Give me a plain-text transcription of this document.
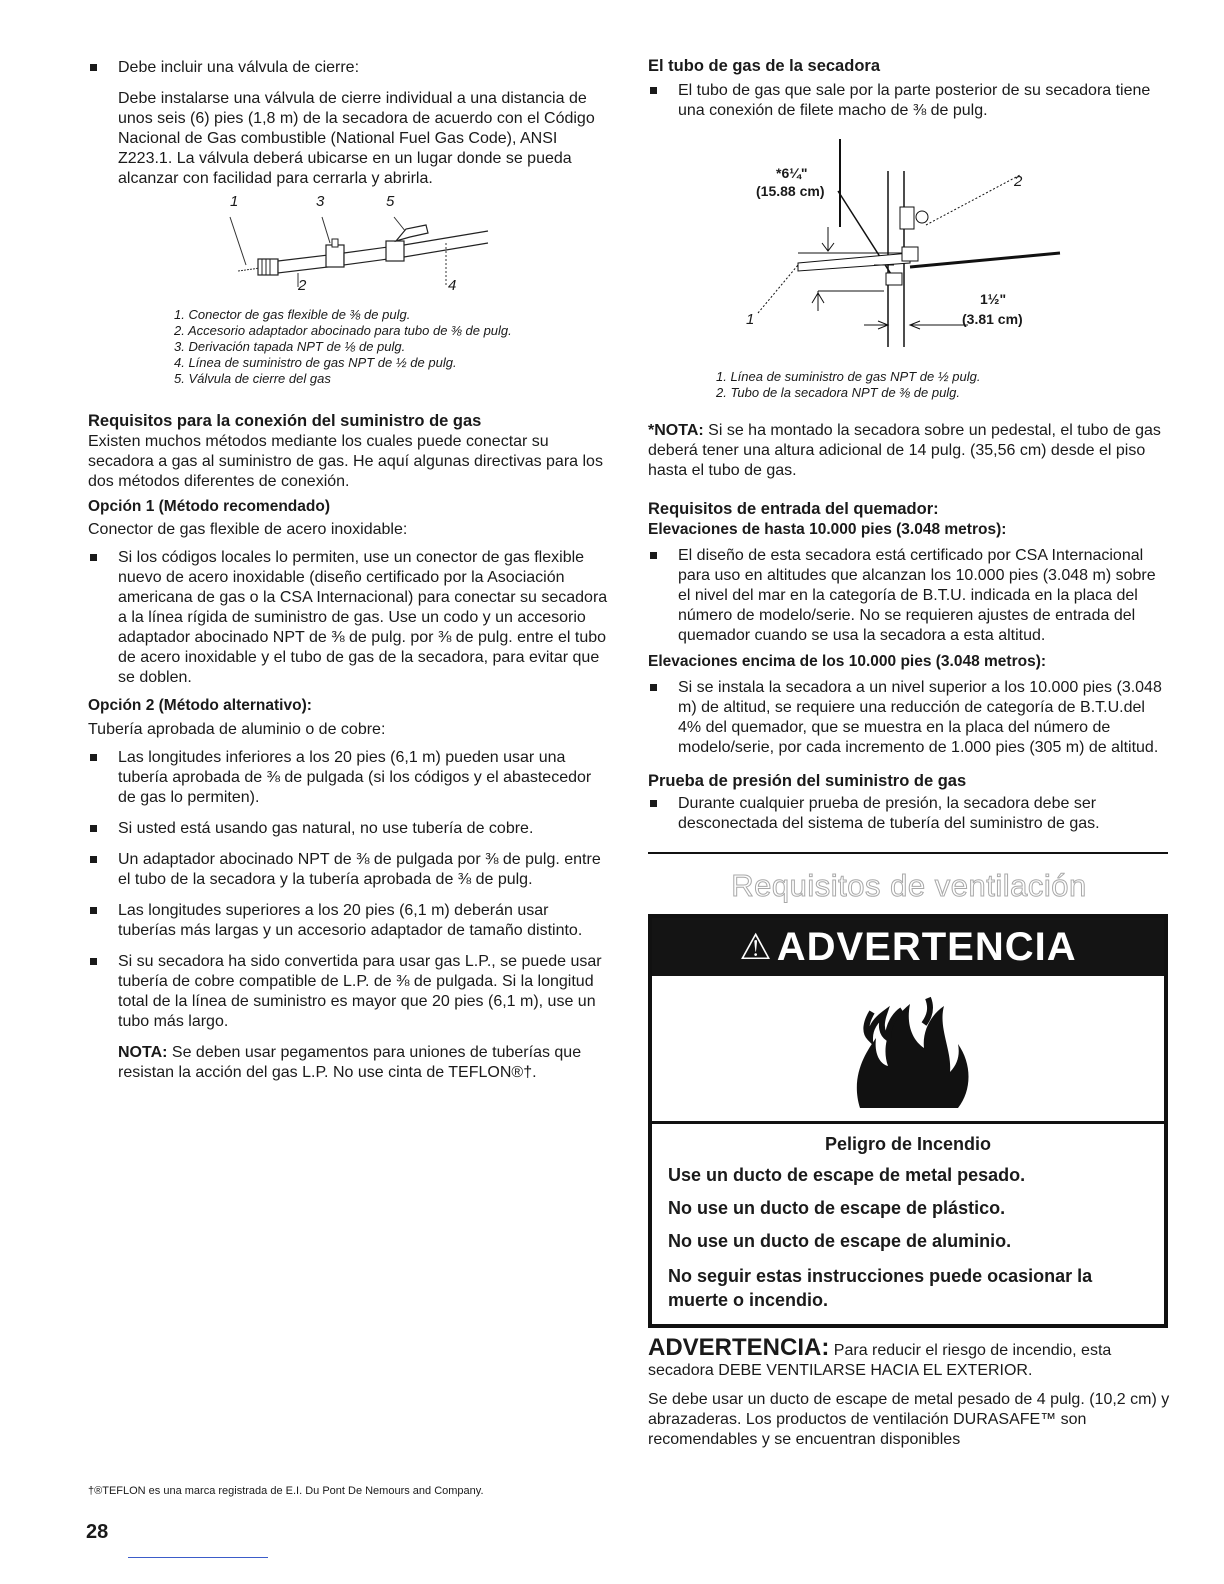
Debe incluir una válvula de cierre:

Debe instalarse una válvula de cierre individual a una distancia de unos seis (6) pies (1,8 m) de la secadora de acuerdo con el Código Nacional de Gas combustible (National Fuel Gas Code), ANSI Z223.1. La válvula deberá ubicarse en un lugar donde se pueda alcanzar con facilidad para cerrarla y abrirla.

1	3	5
2	4
1. Conector de gas flexible de ⅜ de pulg.
2. Accesorio adaptador abocinado para tubo de ⅜ de pulg.
3. Derivación tapada NPT de ⅛ de pulg.
4. Línea de suministro de gas NPT de ½ de pulg.
5. Válvula de cierre del gas
Requisitos para la conexión del suministro de gas

Existen muchos métodos mediante los cuales puede conectar su secadora a gas al suministro de gas. He aquí algunas directivas para los dos métodos diferentes de conexión.

Opción 1 (Método recomendado)

Conector de gas flexible de acero inoxidable:

Si los códigos locales lo permiten, use un conector de gas flexible nuevo de acero inoxidable (diseño certificado por la Asociación americana de gas o la CSA Internacional) para conectar su secadora a la línea rígida de suministro de gas. Use un codo y un accesorio adaptador abocinado NPT de ⅜ de pulg. por ⅜ de pulg. entre el tubo de acero inoxidable y el tubo de gas de la secadora, para evitar que se doblen.
Opción 2 (Método alternativo):

Tubería aprobada de aluminio o de cobre:

Las longitudes inferiores a los 20 pies (6,1 m) pueden usar una tubería aprobada de ⅜ de pulgada (si los códigos y el abastecedor de gas lo permiten).
Si usted está usando gas natural, no use tubería de cobre.
Un adaptador abocinado NPT de ⅜ de pulgada por ⅜ de pulg. entre el tubo de la secadora y la tubería aprobada de ⅜ de pulg.
Las longitudes superiores a los 20 pies (6,1 m) deberán usar tuberías más largas y un accesorio adaptador de tamaño distinto.
Si su secadora ha sido convertida para usar gas L.P., se puede usar tubería de cobre compatible de L.P. de ⅜ de pulgada. Si la longitud total de la línea de suministro es mayor que 20 pies (6,1 m), use un tubo más largo.

NOTA: Se deben usar pegamentos para uniones de tuberías que resistan la acción del gas L.P. No use cinta de TEFLON®†.

†®TEFLON es una marca registrada de E.I. Du Pont De Nemours and Company.
28
El tubo de gas de la secadora
El tubo de gas que sale por la parte posterior de su secadora tiene una conexión de filete macho de ⅜ de pulg.
*6¼"
(15.88 cm)
2
1
1½"
(3.81 cm)
1. Línea de suministro de gas NPT de ½ pulg.
2. Tubo de la secadora NPT de ⅜ de pulg.

*NOTA: Si se ha montado la secadora sobre un pedestal, el tubo de gas deberá tener una altura adicional de 14 pulg. (35,56 cm) desde el piso hasta el tubo de gas.

Requisitos de entrada del quemador:
Elevaciones de hasta 10.000 pies (3.048 metros):
El diseño de esta secadora está certificado por CSA Internacional para uso en altitudes que alcanzan los 10.000 pies (3.048 m) sobre el nivel del mar en la categoría de B.T.U. indicada en la placa del número de modelo/serie. No se requieren ajustes de entrada del quemador cuando se usa la secadora a esta altitud.
Elevaciones encima de los 10.000 pies (3.048 metros):
Si se instala la secadora a un nivel superior a los 10.000 pies (3.048 m) de altitud, se requiere una reducción de categoría de B.T.U.del 4% del quemador, que se muestra en la placa del número de modelo/serie, por cada incremento de 1.000 pies (305 m) de altitud.
Prueba de presión del suministro de gas
Durante cualquier prueba de presión, la secadora debe ser desconectada del sistema de tubería del suministro de gas.
Requisitos de ventilación
⚠ ADVERTENCIA
Peligro de Incendio
Use un ducto de escape de metal pesado.
No use un ducto de escape de plástico.
No use un ducto de escape de aluminio.
No seguir estas instrucciones puede ocasionar la muerte o incendio.

ADVERTENCIA: Para reducir el riesgo de incendio, esta secadora DEBE VENTILARSE HACIA EL EXTERIOR.

Se debe usar un ducto de escape de metal pesado de 4 pulg. (10,2 cm) y abrazaderas. Los productos de ventilación DURASAFE™ son recomendables y se encuentran disponibles
